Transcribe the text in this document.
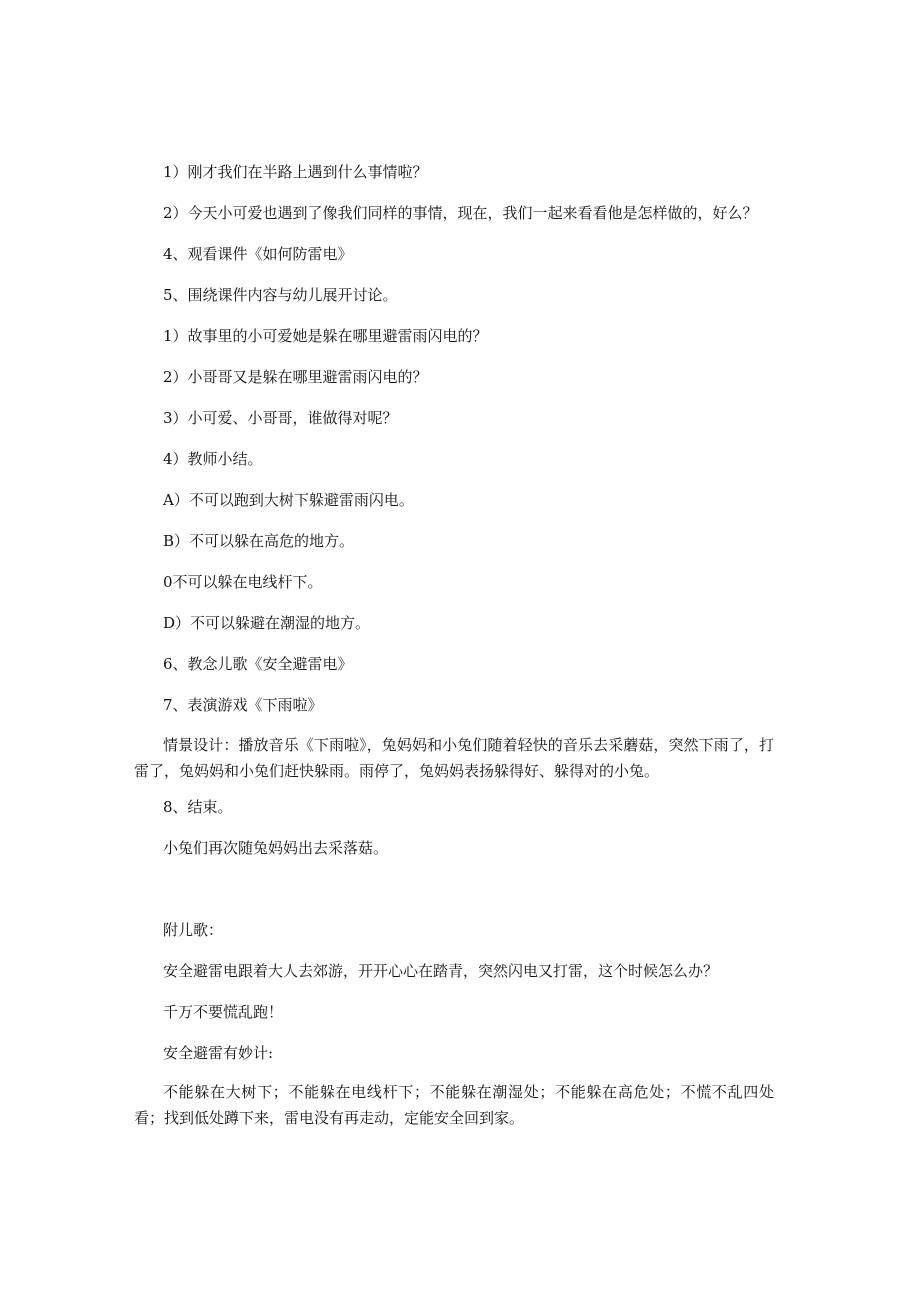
1）刚才我们在半路上遇到什么事情啦？
2）今天小可爱也遇到了像我们同样的事情，现在，我们一起来看看他是怎样做的，好么？
4、观看课件《如何防雷电》
5、围绕课件内容与幼儿展开讨论。
1）故事里的小可爱她是躲在哪里避雷雨闪电的？
2）小哥哥又是躲在哪里避雷雨闪电的？
3）小可爱、小哥哥，谁做得对呢？
4）教师小结。
A）不可以跑到大树下躲避雷雨闪电。
B）不可以躲在高危的地方。
0不可以躲在电线杆下。
D）不可以躲避在潮湿的地方。
6、教念儿歌《安全避雷电》
7、表演游戏《下雨啦》
情景设计：播放音乐《下雨啦》，兔妈妈和小兔们随着轻快的音乐去采蘑菇，突然下雨了，打雷了，兔妈妈和小兔们赶快躲雨。雨停了，兔妈妈表扬躲得好、躲得对的小兔。
8、结束。
小兔们再次随兔妈妈出去采落菇。
附儿歌：
安全避雷电跟着大人去郊游，开开心心在踏青，突然闪电又打雷，这个时候怎么办？
千万不要慌乱跑！
安全避雷有妙计:
不能躲在大树下；不能躲在电线杆下；不能躲在潮湿处；不能躲在高危处；不慌不乱四处看；找到低处蹲下来，雷电没有再走动，定能安全回到家。
